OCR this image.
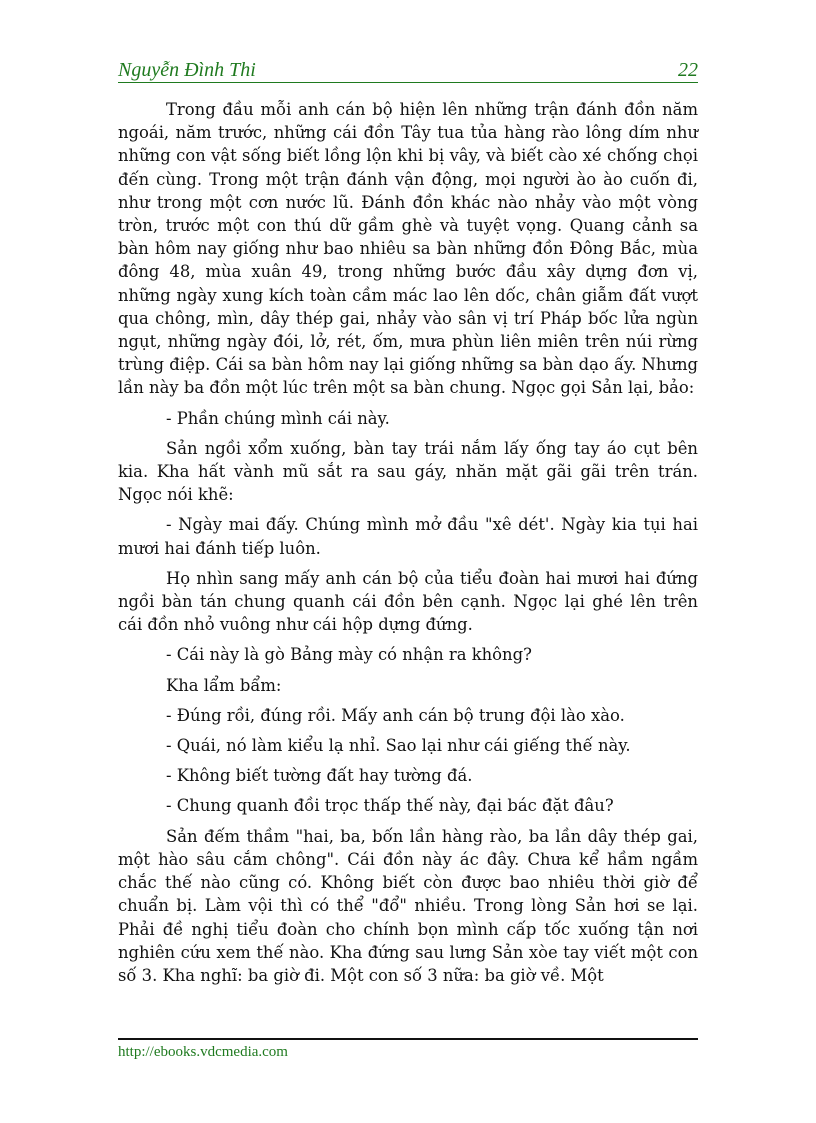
Nguyễn Đình Thi	22

Trong đầu mỗi anh cán bộ hiện lên những trận đánh đồn năm ngoái, năm trước, những cái đồn Tây tua tủa hàng rào lông dím như những con vật sống biết lồng lộn khi bị vây, và biết cào xé chống chọi đến cùng. Trong một trận đánh vận động, mọi người ào ào cuốn đi, như trong một cơn nước lũ. Đánh đồn khác nào nhảy vào một vòng tròn, trước một con thú dữ gầm ghè và tuyệt vọng. Quang cảnh sa bàn hôm nay giống như bao nhiêu sa bàn những đồn Đông Bắc, mùa đông 48, mùa xuân 49, trong những bước đầu xây dựng đơn vị, những ngày xung kích toàn cầm mác lao lên dốc, chân giẫm đất vượt qua chông, mìn, dây thép gai, nhảy vào sân vị trí Pháp bốc lửa ngùn ngụt, những ngày đói, lở, rét, ốm, mưa phùn liên miên trên núi rừng trùng điệp. Cái sa bàn hôm nay lại giống những sa bàn dạo ấy. Nhưng lần này ba đồn một lúc trên một sa bàn chung. Ngọc gọi Sản lại, bảo:

- Phần chúng mình cái này.

Sản ngồi xổm xuống, bàn tay trái nắm lấy ống tay áo cụt bên kia. Kha hất vành mũ sắt ra sau gáy, nhăn mặt gãi gãi trên trán. Ngọc nói khẽ:

- Ngày mai đấy. Chúng mình mở đầu "xê dét'. Ngày kia tụi hai mươi hai đánh tiếp luôn.

Họ nhìn sang mấy anh cán bộ của tiểu đoàn hai mươi hai đứng ngồi bàn tán chung quanh cái đồn bên cạnh. Ngọc lại ghé lên trên cái đồn nhỏ vuông như cái hộp dựng đứng.

- Cái này là gò Bảng mày có nhận ra không?

Kha lẩm bẩm:

- Đúng rồi, đúng rồi. Mấy anh cán bộ trung đội lào xào.

- Quái, nó làm kiểu lạ nhỉ. Sao lại như cái giếng thế này.

- Không biết tường đất hay tường đá.

- Chung quanh đồi trọc thấp thế này, đại bác đặt đâu?

Sản đếm thầm "hai, ba, bốn lần hàng rào, ba lần dây thép gai, một hào sâu cắm chông". Cái đồn này ác đây. Chưa kể hầm ngầm chắc thế nào cũng có. Không biết còn được bao nhiêu thời giờ để chuẩn bị. Làm vội thì có thể "đổ" nhiều. Trong lòng Sản hơi se lại. Phải đề nghị tiểu đoàn cho chính bọn mình cấp tốc xuống tận nơi nghiên cứu xem thế nào. Kha đứng sau lưng Sản xòe tay viết một con số 3. Kha nghĩ: ba giờ đi. Một con số 3 nữa: ba giờ về. Một

http://ebooks.vdcmedia.com
